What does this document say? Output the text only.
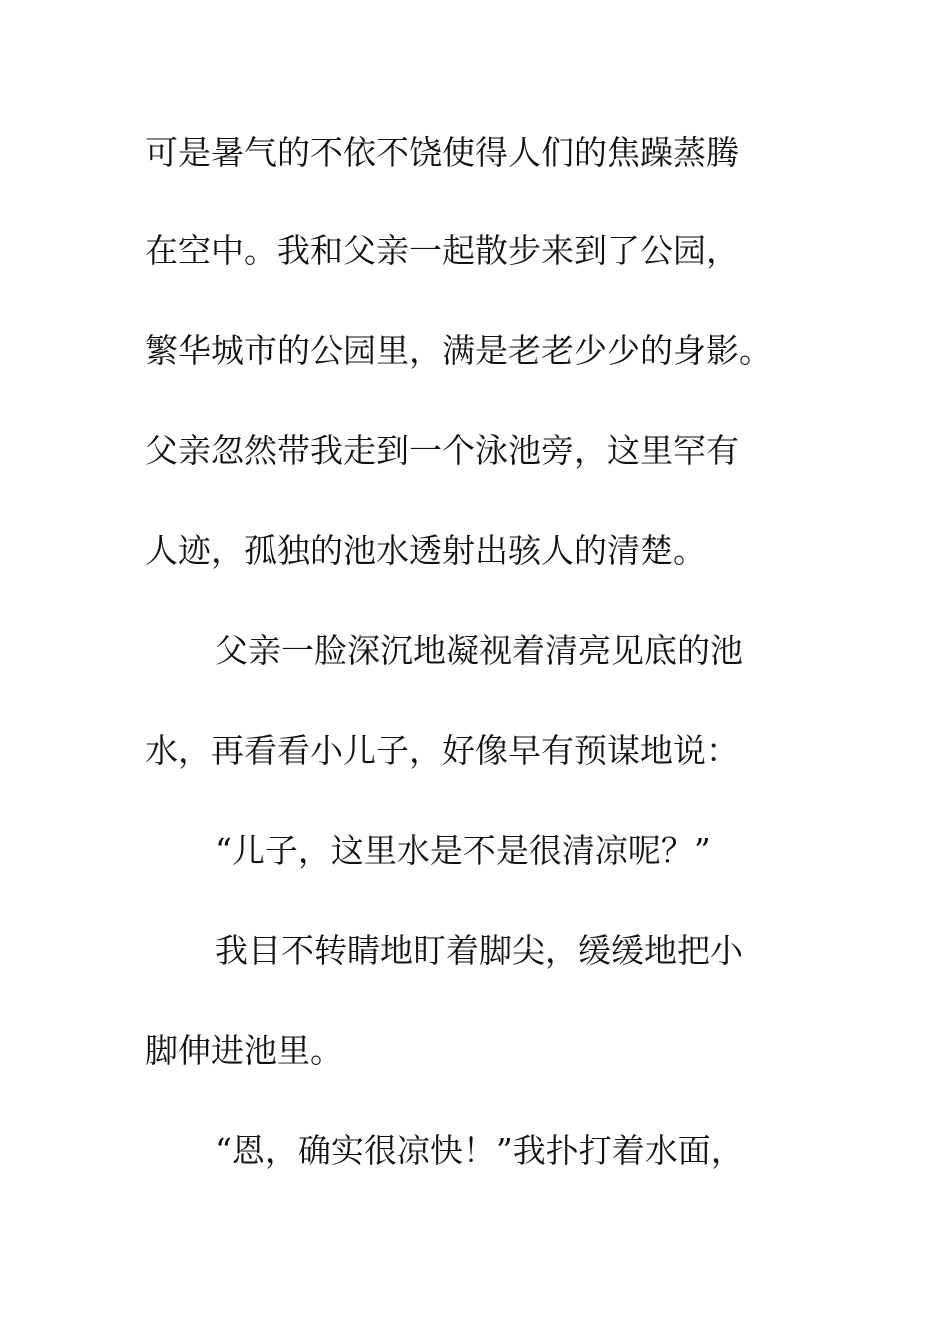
可是暑气的不依不饶使得人们的焦躁蒸腾
在空中。我和父亲一起散步来到了公园，
繁华城市的公园里，满是老老少少的身影。
父亲忽然带我走到一个泳池旁，这里罕有
人迹，孤独的池水透射出骇人的清楚。
父亲一脸深沉地凝视着清亮见底的池
水，再看看小儿子，好像早有预谋地说：
“儿子，这里水是不是很清凉呢？”
我目不转睛地盯着脚尖，缓缓地把小
脚伸进池里。
“恩，确实很凉快！”我扑打着水面，
